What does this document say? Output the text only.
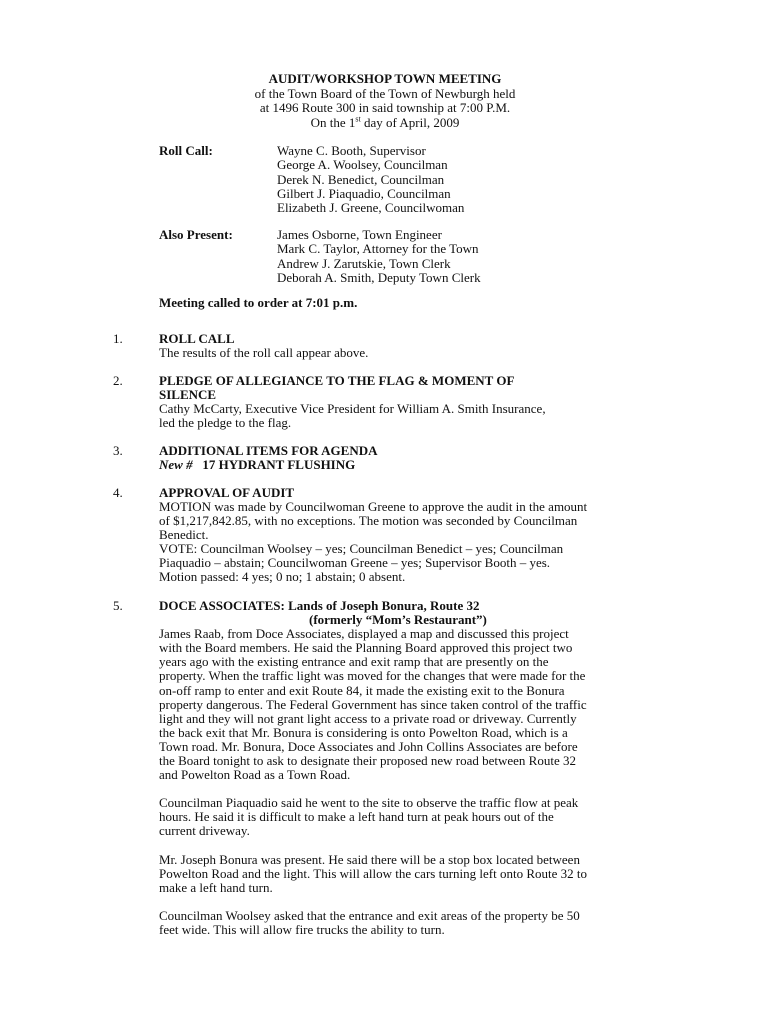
AUDIT/WORKSHOP TOWN MEETING
of the Town Board of the Town of Newburgh held
at 1496 Route 300 in said township at 7:00 P.M.
On the 1st day of April, 2009
Roll Call:	Wayne C. Booth, Supervisor
George A. Woolsey, Councilman
Derek N. Benedict, Councilman
Gilbert J. Piaquadio, Councilman
Elizabeth J. Greene, Councilwoman
Also Present:	James Osborne, Town Engineer
Mark C. Taylor, Attorney for the Town
Andrew J. Zarutskie, Town Clerk
Deborah A. Smith, Deputy Town Clerk
Meeting called to order at 7:01 p.m.
1.	ROLL CALL
The results of the roll call appear above.
2.	PLEDGE OF ALLEGIANCE TO THE FLAG & MOMENT OF
SILENCE
Cathy McCarty, Executive Vice President for William A. Smith Insurance,
led the pledge to the flag.
3.	ADDITIONAL ITEMS FOR AGENDA
New # 17 HYDRANT FLUSHING
4.	APPROVAL OF AUDIT
MOTION was made by Councilwoman Greene to approve the audit in the amount
of $1,217,842.85, with no exceptions. The motion was seconded by Councilman
Benedict.
VOTE: Councilman Woolsey – yes; Councilman Benedict – yes; Councilman
Piaquadio – abstain; Councilwoman Greene – yes; Supervisor Booth – yes.
Motion passed: 4 yes; 0 no; 1 abstain; 0 absent.
5.	DOCE ASSOCIATES: Lands of Joseph Bonura, Route 32
(formerly “Mom’s Restaurant”)
James Raab, from Doce Associates, displayed a map and discussed this project
with the Board members. He said the Planning Board approved this project two
years ago with the existing entrance and exit ramp that are presently on the
property. When the traffic light was moved for the changes that were made for the
on-off ramp to enter and exit Route 84, it made the existing exit to the Bonura
property dangerous. The Federal Government has since taken control of the traffic
light and they will not grant light access to a private road or driveway. Currently
the back exit that Mr. Bonura is considering is onto Powelton Road, which is a
Town road. Mr. Bonura, Doce Associates and John Collins Associates are before
the Board tonight to ask to designate their proposed new road between Route 32
and Powelton Road as a Town Road.
Councilman Piaquadio said he went to the site to observe the traffic flow at peak
hours. He said it is difficult to make a left hand turn at peak hours out of the
current driveway.
Mr. Joseph Bonura was present. He said there will be a stop box located between
Powelton Road and the light. This will allow the cars turning left onto Route 32 to
make a left hand turn.
Councilman Woolsey asked that the entrance and exit areas of the property be 50
feet wide. This will allow fire trucks the ability to turn.
